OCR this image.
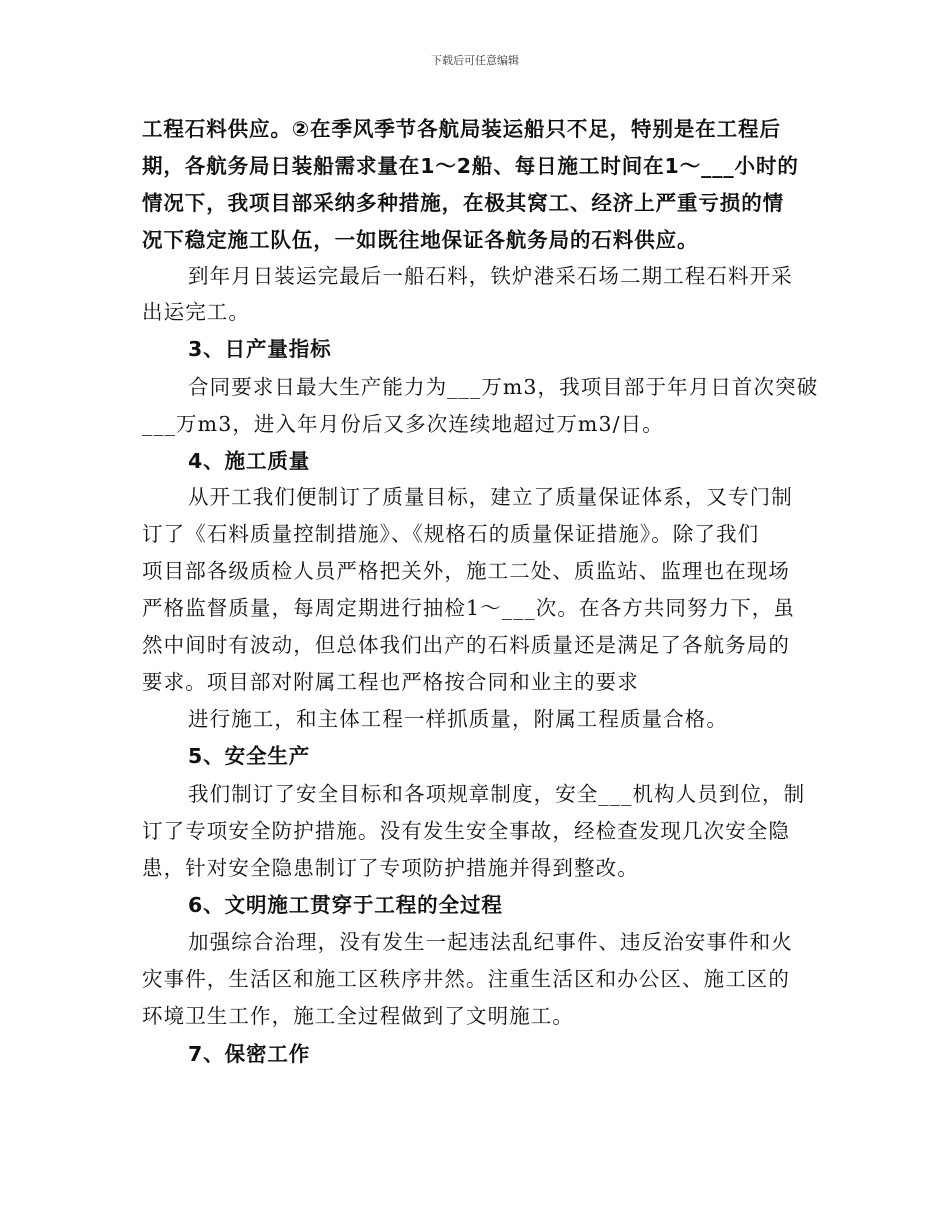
下载后可任意编辑
工程石料供应。②在季风季节各航局装运船只不足，特别是在工程后
期，各航务局日装船需求量在1～2船、每日施工时间在1～___小时的
情况下，我项目部采纳多种措施，在极其窝工、经济上严重亏损的情
况下稳定施工队伍，一如既往地保证各航务局的石料供应。
到年月日装运完最后一船石料，铁炉港采石场二期工程石料开采
出运完工。
3、日产量指标
合同要求日最大生产能力为___万m3，我项目部于年月日首次突破
___万m3，进入年月份后又多次连续地超过万m3/日。
4、施工质量
从开工我们便制订了质量目标，建立了质量保证体系，又专门制
订了《石料质量控制措施》、《规格石的质量保证措施》。除了我们
项目部各级质检人员严格把关外，施工二处、质监站、监理也在现场
严格监督质量，每周定期进行抽检1～___次。在各方共同努力下，虽
然中间时有波动，但总体我们出产的石料质量还是满足了各航务局的
要求。项目部对附属工程也严格按合同和业主的要求
进行施工，和主体工程一样抓质量，附属工程质量合格。
5、安全生产
我们制订了安全目标和各项规章制度，安全___机构人员到位，制
订了专项安全防护措施。没有发生安全事故，经检查发现几次安全隐
患，针对安全隐患制订了专项防护措施并得到整改。
6、文明施工贯穿于工程的全过程
加强综合治理，没有发生一起违法乱纪事件、违反治安事件和火
灾事件，生活区和施工区秩序井然。注重生活区和办公区、施工区的
环境卫生工作，施工全过程做到了文明施工。
7、保密工作
